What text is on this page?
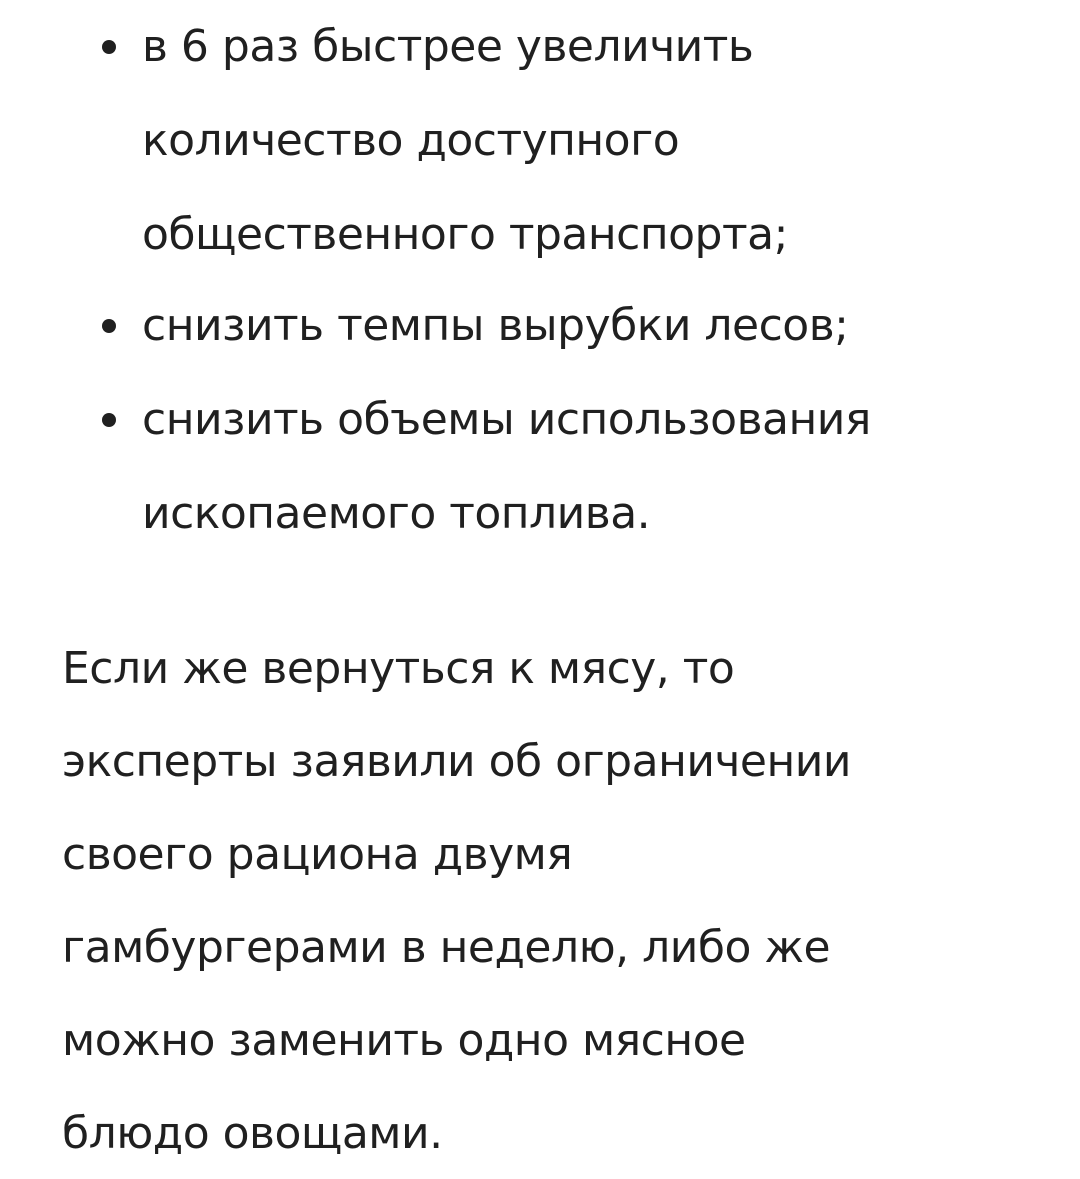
в 6 раз быстрее увеличить
количество доступного
общественного транспорта;
снизить темпы вырубки лесов;
снизить объемы использования
ископаемого топлива.

Если же вернуться к мясу, то
эксперты заявили об ограничении
своего рациона двумя
гамбургерами в неделю, либо же
можно заменить одно мясное
блюдо овощами.
